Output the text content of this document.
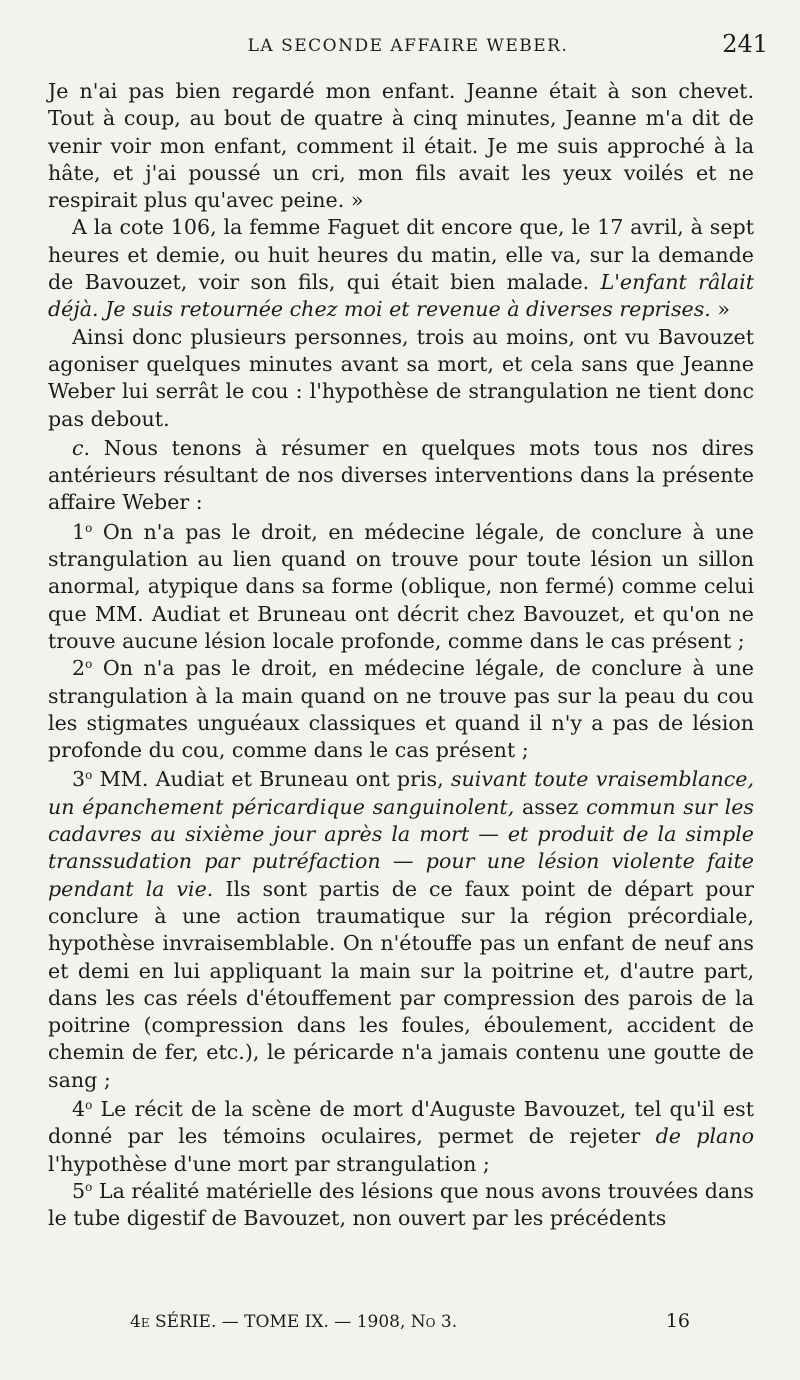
LA SECONDE AFFAIRE WEBER.	241

Je n'ai pas bien regardé mon enfant. Jeanne était à son chevet. Tout à coup, au bout de quatre à cinq minutes, Jeanne m'a dit de venir voir mon enfant, comment il était. Je me suis approché à la hâte, et j'ai poussé un cri, mon fils avait les yeux voilés et ne respirait plus qu'avec peine. »

A la cote 106, la femme Faguet dit encore que, le 17 avril, à sept heures et demie, ou huit heures du matin, elle va, sur la demande de Bavouzet, voir son fils, qui était bien malade. L'enfant râlait déjà. Je suis retournée chez moi et revenue à diverses reprises. »

Ainsi donc plusieurs personnes, trois au moins, ont vu Bavouzet agoniser quelques minutes avant sa mort, et cela sans que Jeanne Weber lui serrât le cou : l'hypothèse de strangulation ne tient donc pas debout.

c. Nous tenons à résumer en quelques mots tous nos dires antérieurs résultant de nos diverses interventions dans la présente affaire Weber :

1$^o$ On n'a pas le droit, en médecine légale, de conclure à une strangulation au lien quand on trouve pour toute lésion un sillon anormal, atypique dans sa forme (oblique, non fermé) comme celui que MM. Audiat et Bruneau ont décrit chez Bavouzet, et qu'on ne trouve aucune lésion locale profonde, comme dans le cas présent ;

2$^o$ On n'a pas le droit, en médecine légale, de conclure à une strangulation à la main quand on ne trouve pas sur la peau du cou les stigmates unguéaux classiques et quand il n'y a pas de lésion profonde du cou, comme dans le cas présent ;

3$^o$ MM. Audiat et Bruneau ont pris, suivant toute vraisemblance, un épanchement péricardique sanguinolent, assez commun sur les cadavres au sixième jour après la mort — et produit de la simple transsudation par putréfaction — pour une lésion violente faite pendant la vie. Ils sont partis de ce faux point de départ pour conclure à une action traumatique sur la région précordiale, hypothèse invraisemblable. On n'étouffe pas un enfant de neuf ans et demi en lui appliquant la main sur la poitrine et, d'autre part, dans les cas réels d'étouffement par compression des parois de la poitrine (compression dans les foules, éboulement, accident de chemin de fer, etc.), le péricarde n'a jamais contenu une goutte de sang ;

4$^o$ Le récit de la scène de mort d'Auguste Bavouzet, tel qu'il est donné par les témoins oculaires, permet de rejeter de plano l'hypothèse d'une mort par strangulation ;

5$^o$ La réalité matérielle des lésions que nous avons trouvées dans le tube digestif de Bavouzet, non ouvert par les précédents

4e SÉRIE. — TOME IX. — 1908, No 3.	16
